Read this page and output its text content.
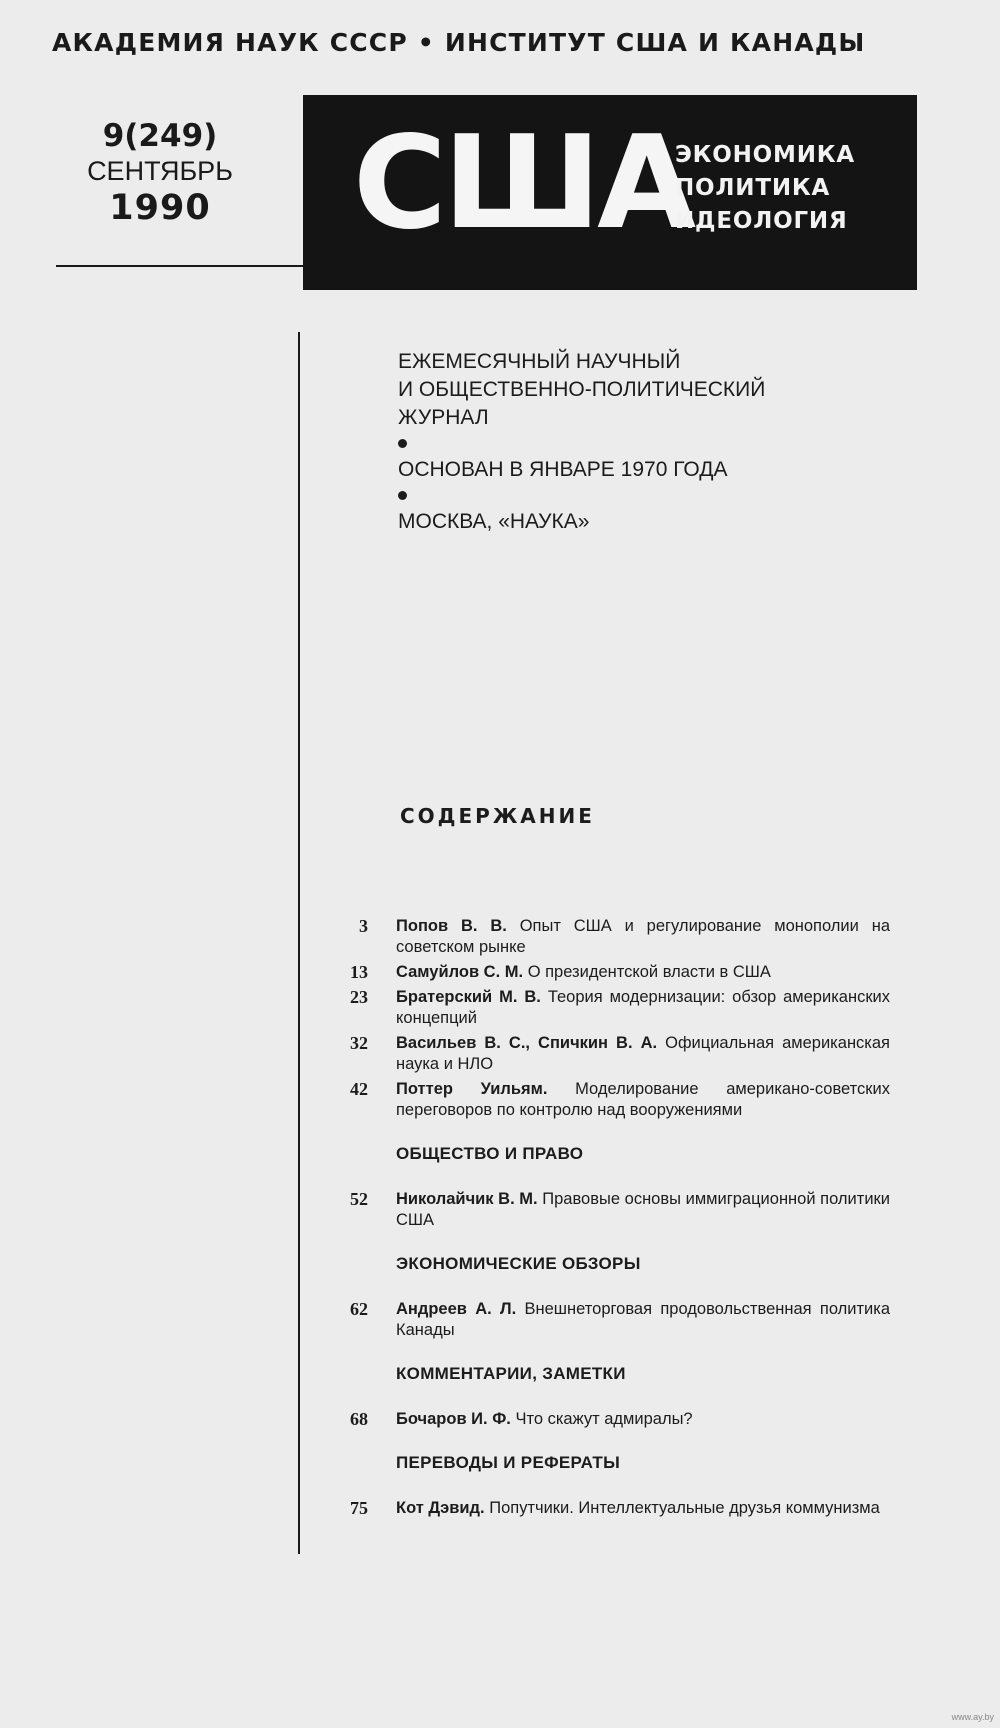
АКАДЕМИЯ НАУК СССР • ИНСТИТУТ США И КАНАДЫ
9(249)
СЕНТЯБРЬ
1990	США
ЭКОНОМИКА
ПОЛИТИКА
ИДЕОЛОГИЯ
ЕЖЕМЕСЯЧНЫЙ НАУЧНЫЙ
И ОБЩЕСТВЕННО-ПОЛИТИЧЕСКИЙ
ЖУРНАЛ
ОСНОВАН В ЯНВАРЕ 1970 ГОДА
МОСКВА, «НАУКА»
СОДЕРЖАНИЕ
3 Попов В. В. Опыт США и регулирование монополии на советском рынке
13 Самуйлов С. М. О президентской власти в США
23 Братерский М. В. Теория модернизации: обзор американских концепций
32 Васильев В. С., Спичкин В. А. Официальная американская наука и НЛО
42 Поттер Уильям. Моделирование американо-советских переговоров по контролю над вооружениями
ОБЩЕСТВО И ПРАВО
52 Николайчик В. М. Правовые основы иммиграционной политики США
ЭКОНОМИЧЕСКИЕ ОБЗОРЫ
62 Андреев А. Л. Внешнеторговая продовольственная политика Канады
КОММЕНТАРИИ, ЗАМЕТКИ
68 Бочаров И. Ф. Что скажут адмиралы?
ПЕРЕВОДЫ И РЕФЕРАТЫ
75 Кот Дэвид. Попутчики. Интеллектуальные друзья коммунизма
www.ay.by
